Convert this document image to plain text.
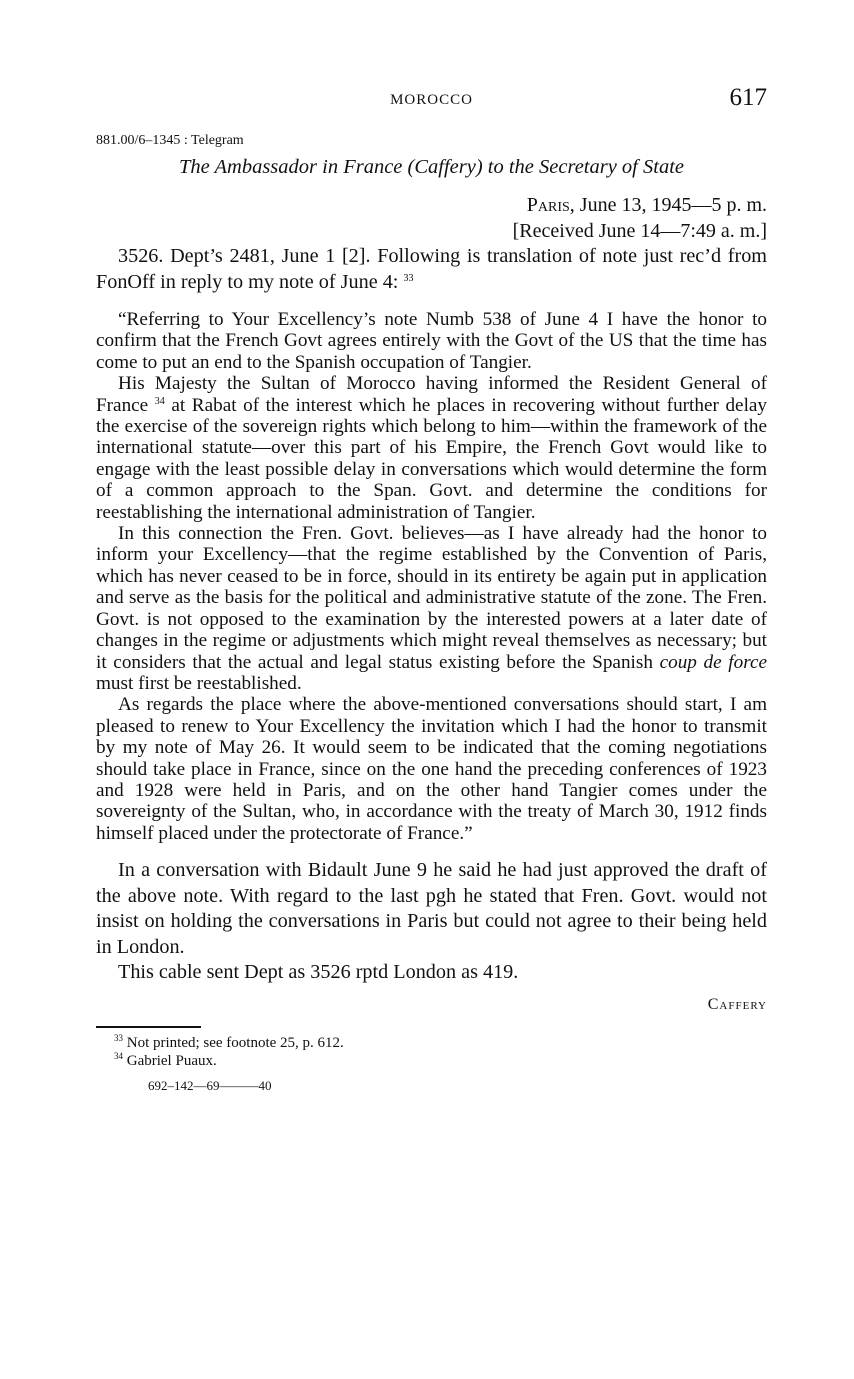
MOROCCO	617
881.00/6–1345 : Telegram
The Ambassador in France (Caffery) to the Secretary of State
Paris, June 13, 1945—5 p. m.
[Received June 14—7:49 a. m.]

3526. Dept’s 2481, June 1 [2]. Following is translation of note just rec’d from FonOff in reply to my note of June 4: $^{33}$

“Referring to Your Excellency’s note Numb 538 of June 4 I have the honor to confirm that the French Govt agrees entirely with the Govt of the US that the time has come to put an end to the Spanish occupation of Tangier.

His Majesty the Sultan of Morocco having informed the Resident General of France $^{34}$ at Rabat of the interest which he places in recovering without further delay the exercise of the sovereign rights which belong to him—within the framework of the international statute—over this part of his Empire, the French Govt would like to engage with the least possible delay in conversations which would determine the form of a common approach to the Span. Govt. and determine the conditions for reestablishing the international administration of Tangier.

In this connection the Fren. Govt. believes—as I have already had the honor to inform your Excellency—that the regime established by the Convention of Paris, which has never ceased to be in force, should in its entirety be again put in application and serve as the basis for the political and administrative statute of the zone. The Fren. Govt. is not opposed to the examination by the interested powers at a later date of changes in the regime or adjustments which might reveal themselves as necessary; but it considers that the actual and legal status existing before the Spanish coup de force must first be reestablished.

As regards the place where the above-mentioned conversations should start, I am pleased to renew to Your Excellency the invitation which I had the honor to transmit by my note of May 26. It would seem to be indicated that the coming negotiations should take place in France, since on the one hand the preceding conferences of 1923 and 1928 were held in Paris, and on the other hand Tangier comes under the sovereignty of the Sultan, who, in accordance with the treaty of March 30, 1912 finds himself placed under the protectorate of France.”

In a conversation with Bidault June 9 he said he had just approved the draft of the above note. With regard to the last pgh he stated that Fren. Govt. would not insist on holding the conversations in Paris but could not agree to their being held in London.

This cable sent Dept as 3526 rptd London as 419.

Caffery
$^{33}$ Not printed; see footnote 25, p. 612.
$^{34}$ Gabriel Puaux.
692–142—69———40
